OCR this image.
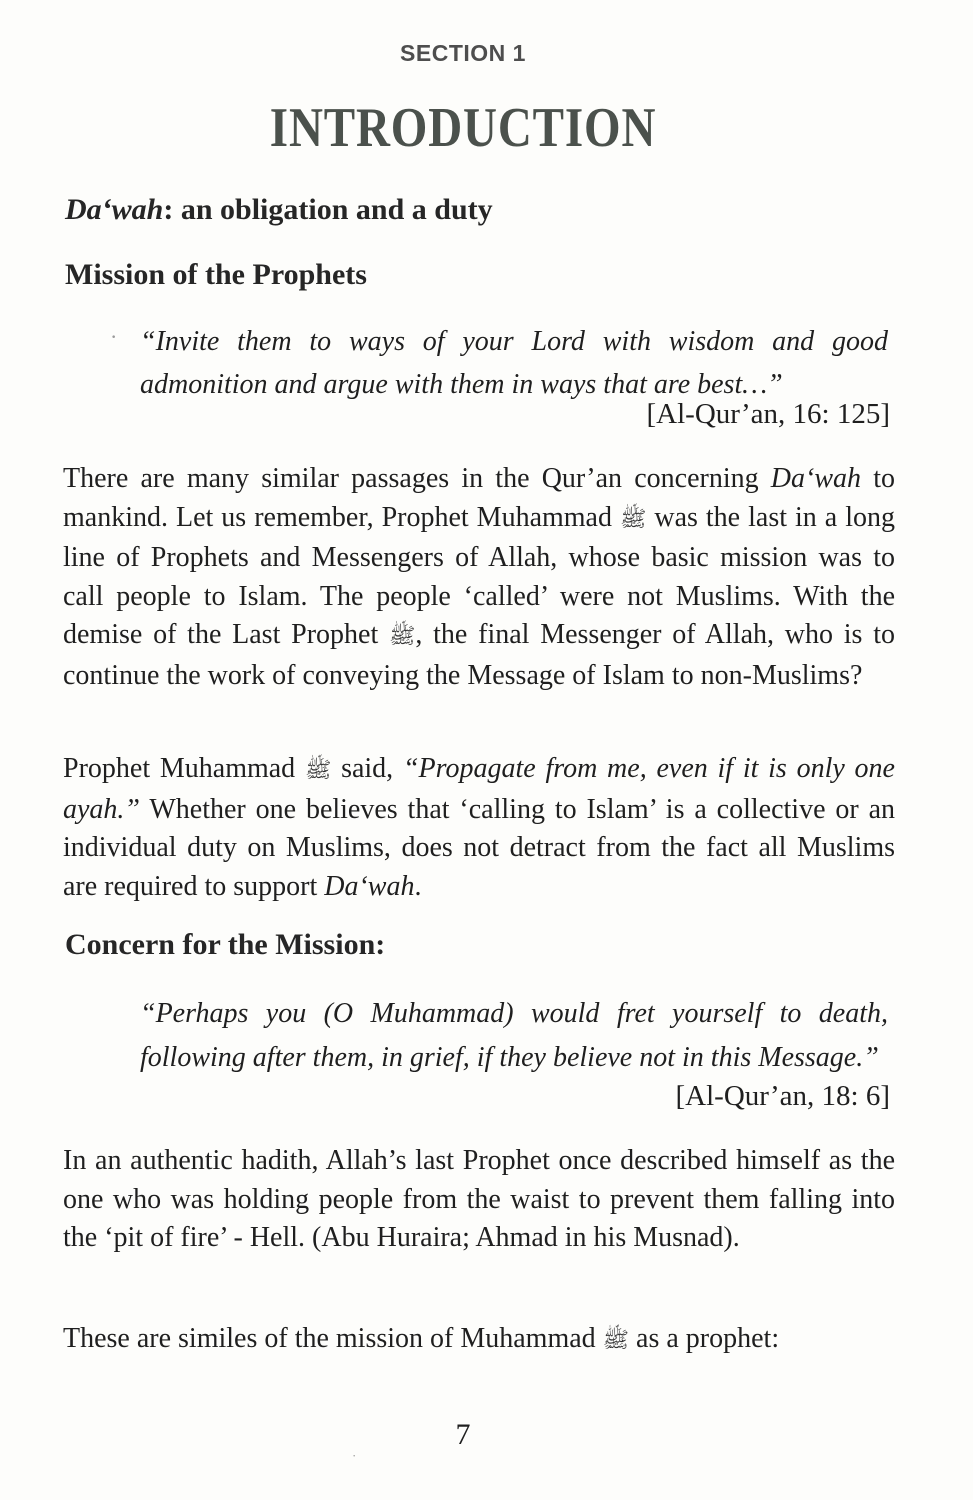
SECTION 1
INTRODUCTION
Da‘wah: an obligation and a duty
Mission of the Prophets
· “Invite them to ways of your Lord with wisdom and good admonition and argue with them in ways that are best…”
[Al-Qur’an, 16: 125]
There are many similar passages in the Qur’an concerning Da‘wah to mankind. Let us remember, Prophet Muhammad ﷺ was the last in a long line of Prophets and Messengers of Allah, whose basic mission was to call people to Islam. The people ‘called’ were not Muslims. With the demise of the Last Prophet ﷺ, the final Messenger of Allah, who is to continue the work of conveying the Message of Islam to non-Muslims?
Prophet Muhammad ﷺ said, “Propagate from me, even if it is only one ayah.” Whether one believes that ‘calling to Islam’ is a collective or an individual duty on Muslims, does not detract from the fact all Muslims are required to support Da‘wah.
Concern for the Mission:
“Perhaps you (O Muhammad) would fret yourself to death, following after them, in grief, if they believe not in this Message.”
[Al-Qur’an, 18: 6]
In an authentic hadith, Allah’s last Prophet once described himself as the one who was holding people from the waist to prevent them falling into the ‘pit of fire’ - Hell. (Abu Huraira; Ahmad in his Musnad).
These are similes of the mission of Muhammad ﷺ as a prophet:
7
·
